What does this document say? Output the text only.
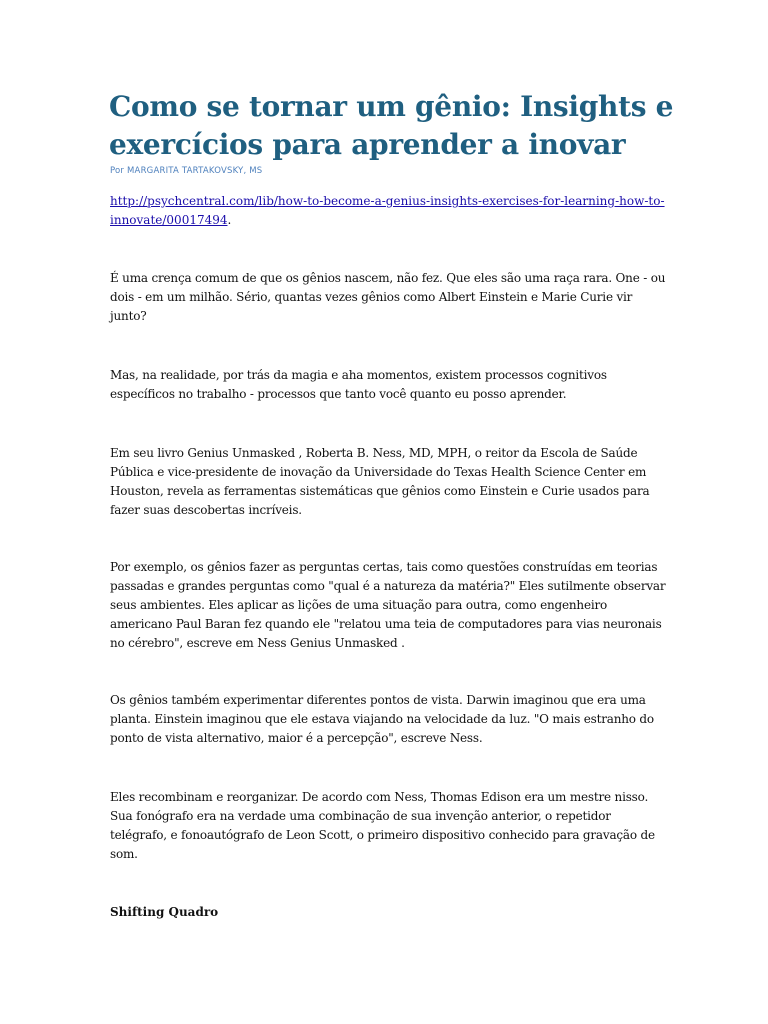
Como se tornar um gênio: Insights e exercícios para aprender a inovar

Por MARGARITA TARTAKOVSKY, MS

http://psychcentral.com/lib/how-to-become-a-genius-insights-exercises-for-learning-how-to-innovate/00017494.

É uma crença comum de que os gênios nascem, não fez. Que eles são uma raça rara. One - ou dois - em um milhão. Sério, quantas vezes gênios como Albert Einstein e Marie Curie vir junto?

Mas, na realidade, por trás da magia e aha momentos, existem processos cognitivos específicos no trabalho - processos que tanto você quanto eu posso aprender.

Em seu livro Genius Unmasked , Roberta B. Ness, MD, MPH, o reitor da Escola de Saúde Pública e vice-presidente de inovação da Universidade do Texas Health Science Center em Houston, revela as ferramentas sistemáticas que gênios como Einstein e Curie usados para fazer suas descobertas incríveis.

Por exemplo, os gênios fazer as perguntas certas, tais como questões construídas em teorias passadas e grandes perguntas como "qual é a natureza da matéria?" Eles sutilmente observar seus ambientes. Eles aplicar as lições de uma situação para outra, como engenheiro americano Paul Baran fez quando ele "relatou uma teia de computadores para vias neuronais no cérebro", escreve em Ness Genius Unmasked .

Os gênios também experimentar diferentes pontos de vista. Darwin imaginou que era uma planta. Einstein imaginou que ele estava viajando na velocidade da luz. "O mais estranho do ponto de vista alternativo, maior é a percepção", escreve Ness.

Eles recombinam e reorganizar. De acordo com Ness, Thomas Edison era um mestre nisso. Sua fonógrafo era na verdade uma combinação de sua invenção anterior, o repetidor telégrafo, e fonoautógrafo de Leon Scott, o primeiro dispositivo conhecido para gravação de som.

Shifting Quadro
